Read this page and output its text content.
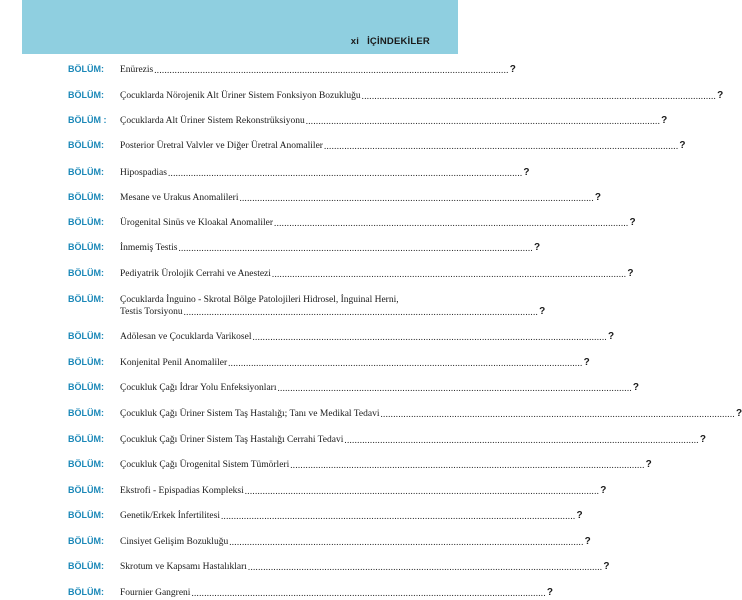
xi İÇİNDEKİLER
BÖLÜM: Enürezis ........................................................................................................................................... ?
BÖLÜM: Çocuklarda Nörojenik Alt Üriner Sistem Fonksiyon Bozukluğu ........................................................................................................................................... ?
BÖLÜM : Çocuklarda Alt Üriner Sistem Rekonstrüksiyonu ........................................................................................................................................... ?
BÖLÜM: Posterior Üretral Valvler ve Diğer Üretral Anomaliler ........................................................................................................................................... ?
BÖLÜM: Hipospadias ........................................................................................................................................... ?
BÖLÜM: Mesane ve Urakus Anomalileri ........................................................................................................................................... ?
BÖLÜM: Ürogenital Sinüs ve Kloakal Anomaliler ........................................................................................................................................... ?
BÖLÜM: İnmemiş Testis ........................................................................................................................................... ?
BÖLÜM: Pediyatrik Ürolojik Cerrahi ve Anestezi ........................................................................................................................................... ?
BÖLÜM: Çocuklarda İnguino - Skrotal Bölge Patolojileri Hidrosel, İnguinal Herni,
Testis Torsiyonu ........................................................................................................................................... ?
BÖLÜM: Adölesan ve Çocuklarda Varikosel ........................................................................................................................................... ?
BÖLÜM: Konjenital Penil Anomaliler ........................................................................................................................................... ?
BÖLÜM: Çocukluk Çağı İdrar Yolu Enfeksiyonları ........................................................................................................................................... ?
BÖLÜM: Çocukluk Çağı Üriner Sistem Taş Hastalığı; Tanı ve Medikal Tedavi ........................................................................................................................................... ?
BÖLÜM: Çocukluk Çağı Üriner Sistem Taş Hastalığı Cerrahi Tedavi ........................................................................................................................................... ?
BÖLÜM: Çocukluk Çağı Ürogenital Sistem Tümörleri ........................................................................................................................................... ?
BÖLÜM: Ekstrofi - Epispadias Kompleksi ........................................................................................................................................... ?
BÖLÜM: Genetik/Erkek İnfertilitesi ........................................................................................................................................... ?
BÖLÜM: Cinsiyet Gelişim Bozukluğu ........................................................................................................................................... ?
BÖLÜM: Skrotum ve Kapsamı Hastalıkları ........................................................................................................................................... ?
BÖLÜM: Fournier Gangreni ........................................................................................................................................... ?
